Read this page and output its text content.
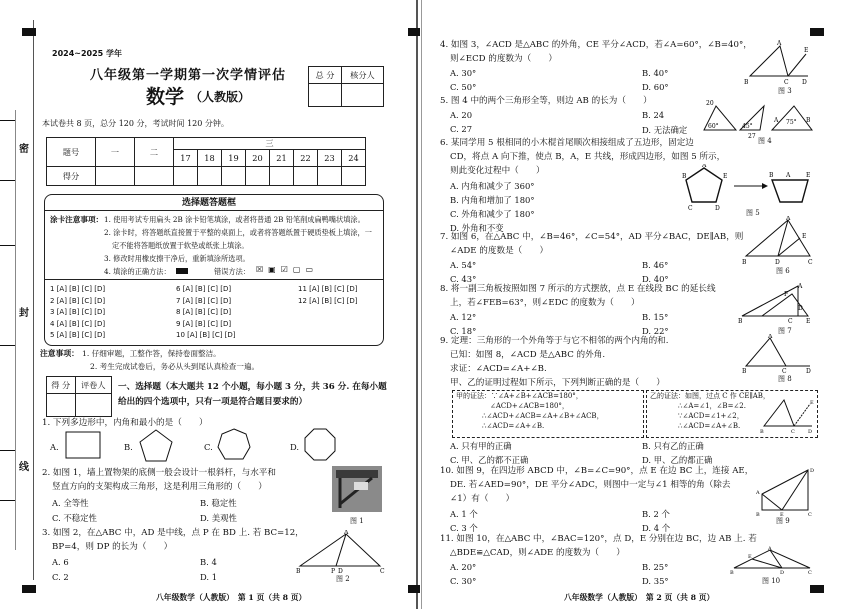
密
封
线
2024~2025 学年
八年级第一学期第一次学情评估
数学 （人教版）
总 分	核分人

本试卷共 8 页，总分 120 分，考试时间 120 分钟。
题号	一	二	三							
			17	18	19	20	21	22	23	24
得分										
选择题答题框
涂卡注意事项： 1. 使用考试专用扁头 2B 涂卡铅笔填涂，或者将普通 2B 铅笔削成扁鸭嘴状填涂。
2. 涂卡时，将答题纸直接置于平整的桌面上，或者将答题纸置于硬质垫板上填涂，一
定不能将答题纸放置于软垫或纸张上填涂。
3. 修改时用橡皮擦干净后，重新填涂所选项。
4. 填涂的正确方法：	错误方法： ☒▣☑▢▭
1 [A] [B] [C] [D]	6 [A] [B] [C] [D]	11 [A] [B] [C] [D]
2 [A] [B] [C] [D]	7 [A] [B] [C] [D]	12 [A] [B] [C] [D]
3 [A] [B] [C] [D]	8 [A] [B] [C] [D]
4 [A] [B] [C] [D]	9 [A] [B] [C] [D]
5 [A] [B] [C] [D]	10 [A] [B] [C] [D]
注意事项： 1. 仔细审题，工整作答，保持卷面整洁。
2. 考生完成试卷后，务必从头到尾认真检查一遍。
得 分	评卷人
	一、选择题（本大题共 12 个小题，每小题 3 分，共 36 分. 在每小题
给出的四个选项中，只有一项是符合题目要求的）
1. 下列多边形中，内角和最小的是（　　）
A.	B.	C.	D.
2. 如图 1，墙上置物架的底侧一般会设计一根斜杆，与水平和
竖直方向的支架构成三角形，这是利用三角形的（　　）
A. 全等性	B. 稳定性
C. 不稳定性	D. 美观性	图 1
3. 如图 2，在△ABC 中，AD 是中线，点 P 在 BD 上. 若 BC=12，
BP=4，则 DP 的长为（　　）
A. 6	B. 4
C. 2	D. 1
B	P D	C
A
图 2
八年级数学（人教版）　第 1 页（共 8 页）
4. 如图 3，∠ACD 是△ABC 的外角，CE 平分∠ACD，若∠A=60°，∠B=40°，
则∠ECD 的度数为（　　）
A. 30°	B. 40°
C. 50°	D. 60°	B	C D
A
E
图 3
5. 图 4 中的两个三角形全等，则边 AB 的长为（　　）
A. 20	B. 24
C. 27	D. 无法确定
20
60°	45°
27
A 75° B
图 4
6. 某同学用 5 根相同的小木棍首尾顺次相接组成了五边形，固定边
CD，将点 A 向下推，使点 B，A，E 共线，形成四边形，如图 5 所示，
则此变化过程中（　　）
A. 内角和减少了 360°
B. 内角和增加了 180°
C. 外角和减少了 180°
D. 外角和不变
A
B	E
C	D
B A	E
图 5
7. 如图 6，在△ABC 中，∠B=46°，∠C=54°，AD 平分∠BAC，DE∥AB，则
∠ADE 的度数是（　　）
A. 54°	B. 46°
C. 43°	D. 40°
B	D	C
A
E
图 6
8. 将一副三角板按照如图 7 所示的方式摆放，点 E 在线段 BC 的延长线
上，若∠FEB=63°，则∠EDC 的度数为（　　）
A. 12°	B. 15°
C. 18°	D. 22°
B	C E
A
F
D
图 7
9. 定理：三角形的一个外角等于与它不相邻的两个内角的和.
已知：如图 8，∠ACD 是△ABC 的外角.
求证：∠ACD=∠A+∠B.
甲、乙的证明过程如下所示，下列判断正确的是（　　）
B	C	D
A
图 8
甲的证法：∵∠A+∠B+∠ACB=180°，
∠ACD+∠ACB=180°，
∴∠ACD+∠ACB=∠A+∠B+∠ACB，
∴∠ACD=∠A+∠B.
乙的证法：如图，过点 C 作 CE∥AB，
∴∠A=∠1，∠B=∠2.
∵∠ACD=∠1+∠2，
∴∠ACD=∠A+∠B.
B	C	D
E
A. 只有甲的正确	B. 只有乙的正确
C. 甲、乙的都不正确	D. 甲、乙的都正确
10. 如图 9，在四边形 ABCD 中，∠B=∠C=90°，点 E 在边 BC 上，连接 AE，
DE. 若∠AED=90°，DE 平分∠ADC，则图中一定与∠1 相等的角（除去
∠1）有（　　）
A. 1 个	B. 2 个
C. 3 个	D. 4 个
A
D
B	E	C
图 9
11. 如图 10，在△ABC 中，∠BAC=120°，点 D，E 分别在边 BC，边 AB 上. 若
△BDE≌△CAD，则∠ADE 的度数为（　　）
A. 20°	B. 25°
C. 30°	D. 35°
B	D	C
A
E
图 10
八年级数学（人教版）　第 2 页（共 8 页）
